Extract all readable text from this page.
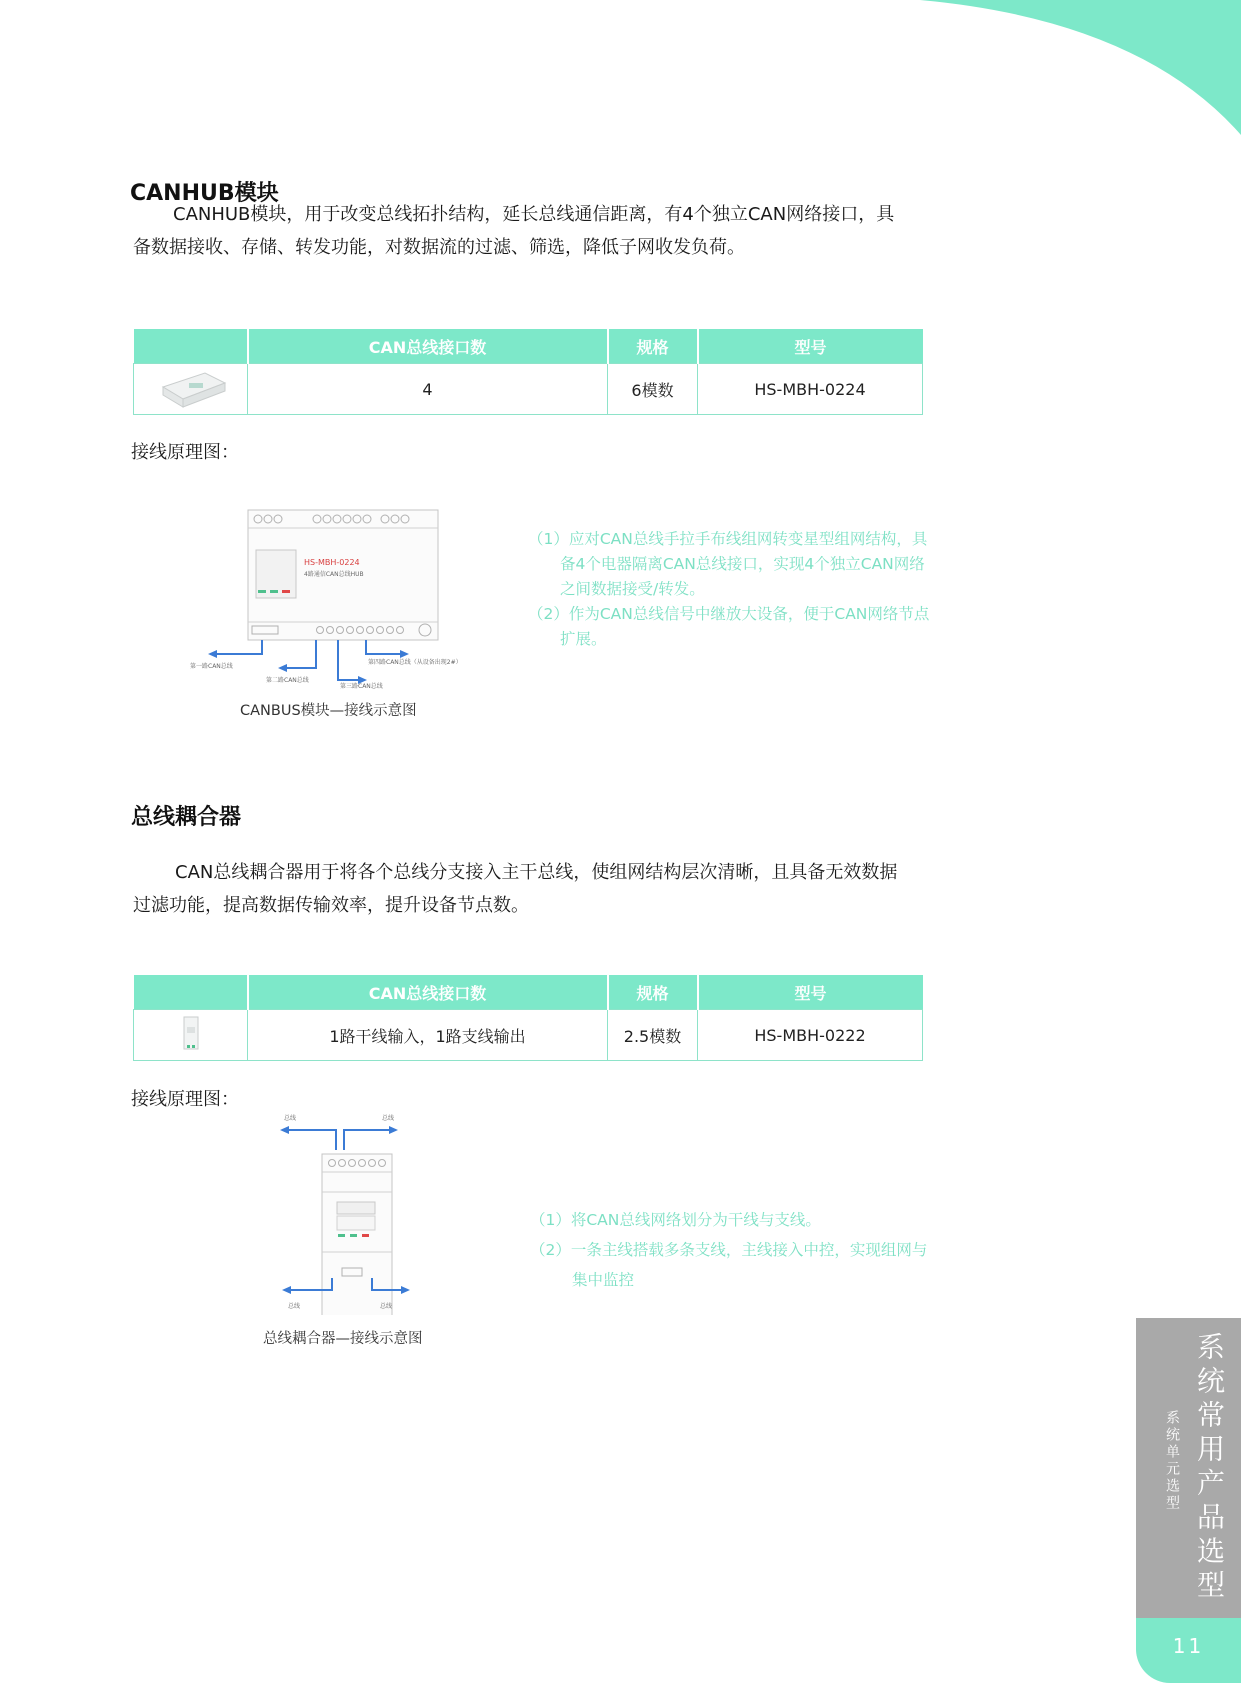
CANHUB模块

CANHUB模块，用于改变总线拓扑结构，延长总线通信距离，有4个独立CAN网络接口，具

备数据接收、存储、转发功能，对数据流的过滤、筛选，降低子网收发负荷。

	CAN总线接口数	规格	型号
	4	6模数	HS-MBH-0224
接线原理图：
HS-MBH-0224
4路通信CAN总线HUB
第一路CAN总线
第二路CAN总线
第三路CAN总线
第四路CAN总线（从设备出现2#）
CANBUS模块—接线示意图

（1）应对CAN总线手拉手布线组网转变星型组网结构，具

备4个电器隔离CAN总线接口，实现4个独立CAN网络

之间数据接受/转发。

（2）作为CAN总线信号中继放大设备，便于CAN网络节点

扩展。

总线耦合器

CAN总线耦合器用于将各个总线分支接入主干总线，使组网结构层次清晰，且具备无效数据

过滤功能，提高数据传输效率，提升设备节点数。

	CAN总线接口数	规格	型号
	1路干线输入，1路支线输出	2.5模数	HS-MBH-0222
接线原理图：
总线	总线
总线	总线
总线耦合器—接线示意图

（1）将CAN总线网络划分为干线与支线。

（2）一条主线搭载多条支线，主线接入中控，实现组网与

集中监控

系统常用产品选型
系统单元选型
11
